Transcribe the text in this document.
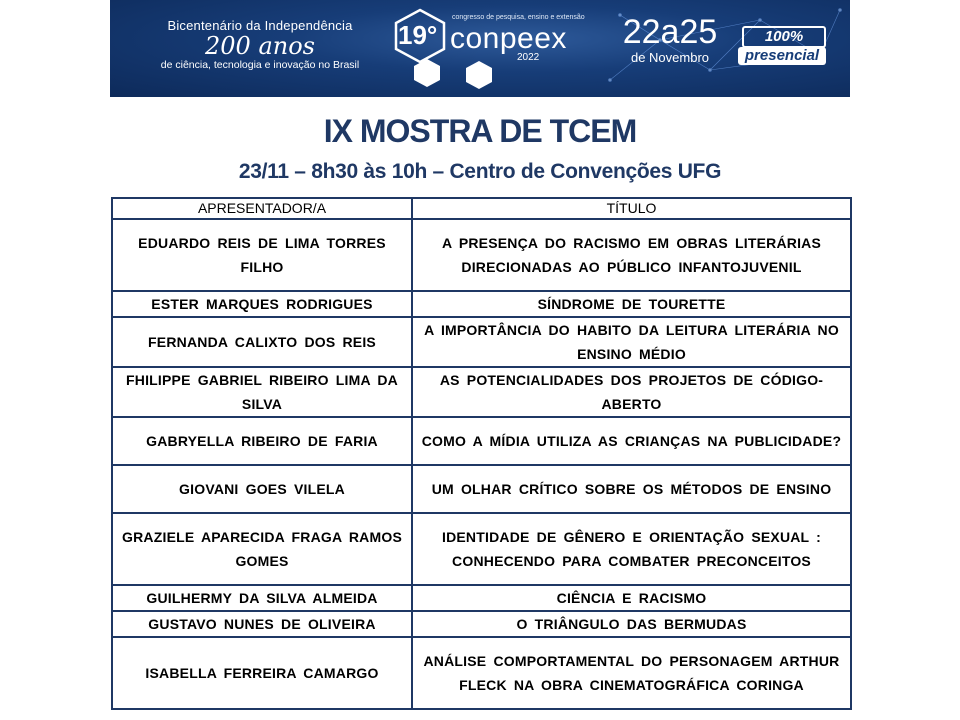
Bicentenário da Independência
200 anos
de ciência, tecnologia e inovação no Brasil
19°
congresso de pesquisa, ensino e extensão
conpeex
2022
22a25
de Novembro
100%
presencial
IX MOSTRA DE TCEM
23/11 – 8h30 às 10h – Centro de Convenções UFG
APRESENTADOR/A	TÍTULO
EDUARDO REIS DE LIMA TORRES FILHO	A PRESENÇA DO RACISMO EM OBRAS LITERÁRIAS DIRECIONADAS AO PÚBLICO INFANTOJUVENIL
ESTER MARQUES RODRIGUES	SÍNDROME DE TOURETTE
FERNANDA CALIXTO DOS REIS	A IMPORTÂNCIA DO HABITO DA LEITURA LITERÁRIA NO ENSINO MÉDIO
FHILIPPE GABRIEL RIBEIRO LIMA DA SILVA	AS POTENCIALIDADES DOS PROJETOS DE CÓDIGO-ABERTO
GABRYELLA RIBEIRO DE FARIA	COMO A MÍDIA UTILIZA AS CRIANÇAS NA PUBLICIDADE?
GIOVANI GOES VILELA	UM OLHAR CRÍTICO SOBRE OS MÉTODOS DE ENSINO
GRAZIELE APARECIDA FRAGA RAMOS GOMES	IDENTIDADE DE GÊNERO E ORIENTAÇÃO SEXUAL : CONHECENDO PARA COMBATER PRECONCEITOS
GUILHERMY DA SILVA ALMEIDA	CIÊNCIA E RACISMO
GUSTAVO NUNES DE OLIVEIRA	O TRIÂNGULO DAS BERMUDAS
ISABELLA FERREIRA CAMARGO	ANÁLISE COMPORTAMENTAL DO PERSONAGEM ARTHUR FLECK NA OBRA CINEMATOGRÁFICA CORINGA
